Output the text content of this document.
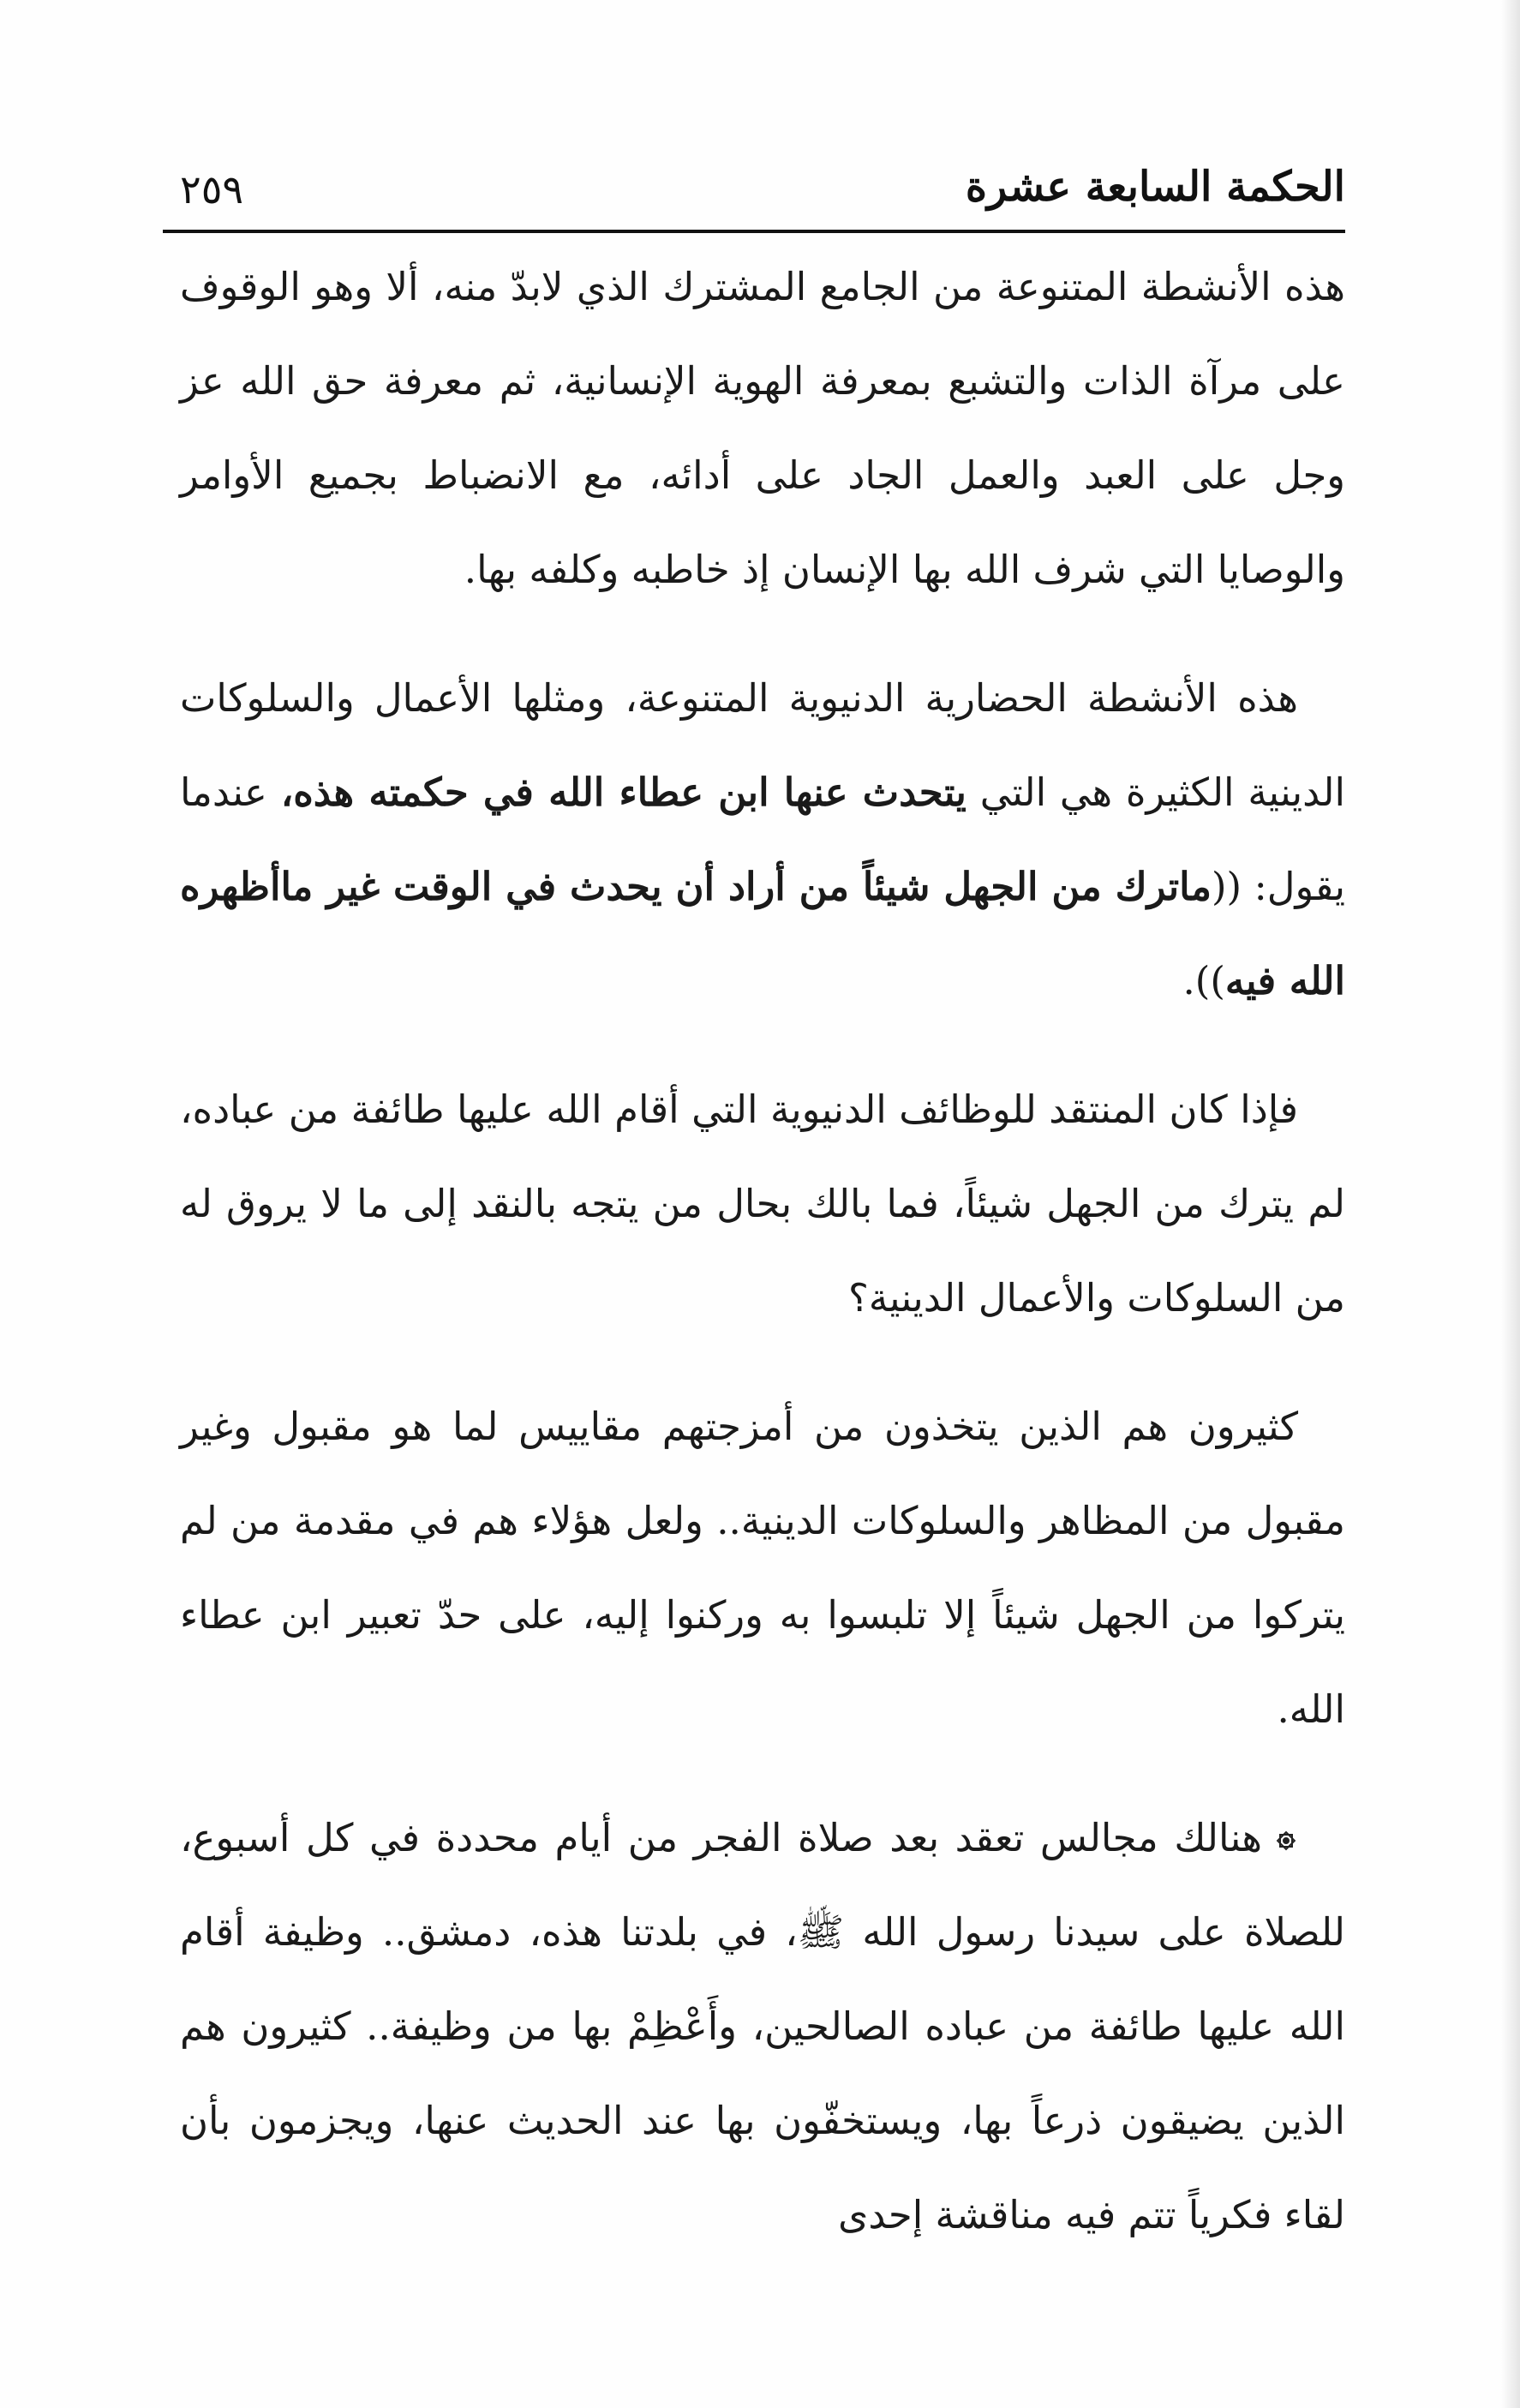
الحكمة السابعة عشرة
٢٥٩

هذه الأنشطة المتنوعة من الجامع المشترك الذي لابدّ منه، ألا وهو الوقوف على مرآة الذات والتشبع بمعرفة الهوية الإنسانية، ثم معرفة حق الله عز وجل على العبد والعمل الجاد على أدائه، مع الانضباط بجميع الأوامر والوصايا التي شرف الله بها الإنسان إذ خاطبه وكلفه بها.

هذه الأنشطة الحضارية الدنيوية المتنوعة، ومثلها الأعمال والسلوكات الدينية الكثيرة هي التي يتحدث عنها ابن عطاء الله في حكمته هذه، عندما يقول: ((ماترك من الجهل شيئاً من أراد أن يحدث في الوقت غير ماأظهره الله فيه)).

فإذا كان المنتقد للوظائف الدنيوية التي أقام الله عليها طائفة من عباده، لم يترك من الجهل شيئاً، فما بالك بحال من يتجه بالنقد إلى ما لا يروق له من السلوكات والأعمال الدينية؟

كثيرون هم الذين يتخذون من أمزجتهم مقاييس لما هو مقبول وغير مقبول من المظاهر والسلوكات الدينية.. ولعل هؤلاء هم في مقدمة من لم يتركوا من الجهل شيئاً إلا تلبسوا به وركنوا إليه، على حدّ تعبير ابن عطاء الله.

هنالك مجالس تعقد بعد صلاة الفجر من أيام محددة في كل أسبوع، للصلاة على سيدنا رسول الله ﷺ، في بلدتنا هذه، دمشق.. وظيفة أقام الله عليها طائفة من عباده الصالحين، وأَعْظِمْ بها من وظيفة.. كثيرون هم الذين يضيقون ذرعاً بها، ويستخفّون بها عند الحديث عنها، ويجزمون بأن لقاء فكرياً تتم فيه مناقشة إحدى
